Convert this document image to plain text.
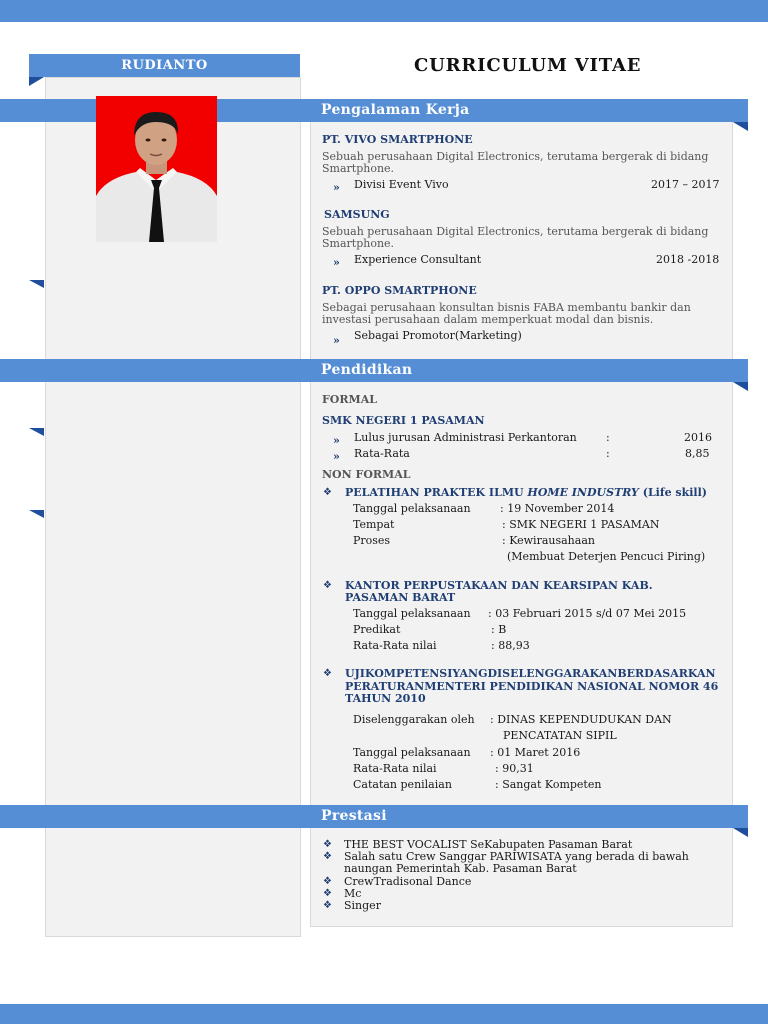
RUDIANTO	CURRICULUM VITAE
Pengalaman Kerja
Pendidikan
Prestasi
PT. VIVO SMARTPHONE
Sebuah perusahaan Digital Electronics, terutama bergerak di bidang Smartphone.
» Divisi Event Vivo	2017 – 2017
SAMSUNG
Sebuah perusahaan Digital Electronics, terutama bergerak di bidang Smartphone.
» Experience Consultant	2018 -2018
PT. OPPO SMARTPHONE
Sebagai perusahaan konsultan bisnis FABA membantu bankir dan investasi perusahaan dalam memperkuat modal dan bisnis.
» Sebagai Promotor(Marketing)
FORMAL
SMK NEGERI 1 PASAMAN
» Lulus jurusan Administrasi Perkantoran	:	2016
» Rata-Rata	:	8,85
NON FORMAL
❖ PELATIHAN PRAKTEK ILMU HOME INDUSTRY (Life skill)
Tanggal pelaksanaan	: 19 November 2014
Tempat	: SMK NEGERI 1 PASAMAN
Proses	: Kewirausahaan
(Membuat Deterjen Pencuci Piring)
❖ KANTOR PERPUSTAKAAN DAN KEARSIPAN KAB.
PASAMAN BARAT
Tanggal pelaksanaan : 03 Februari 2015 s/d 07 Mei 2015
Predikat	: B
Rata-Rata nilai	: 88,93
❖ UJIKOMPETENSIYANGDISELENGGARAKANBERDASARKAN
PERATURANMENTERI PENDIDIKAN NASIONAL NOMOR 46
TAHUN 2010
Diselenggarakan oleh : DINAS KEPENDUDUKAN DAN
PENCATATAN SIPIL
Tanggal pelaksanaan : 01 Maret 2016
Rata-Rata nilai	: 90,31
Catatan penilaian	: Sangat Kompeten
❖ THE BEST VOCALIST SeKabupaten Pasaman Barat
❖ Salah satu Crew Sanggar PARIWISATA yang berada di bawah naungan Pemerintah Kab. Pasaman Barat
❖ CrewTradisonal Dance
❖ Mc
❖ Singer
